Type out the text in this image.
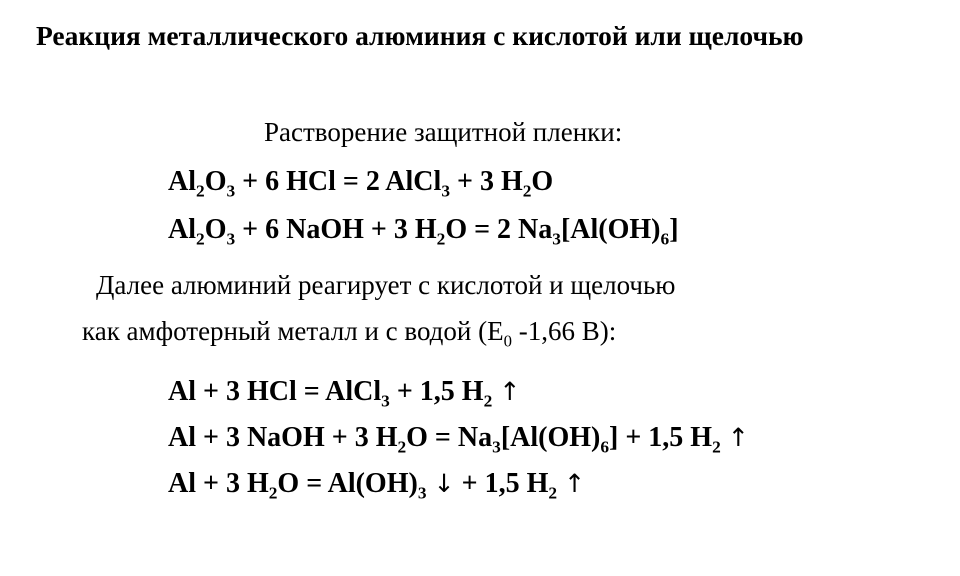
Реакция металлического алюминия с кислотой или щелочью
Растворение защитной пленки:
$Al_2O_3 + 6$ HCl = 2 AlCl$_3$ + 3 $H_2O$
$Al_2O_3 + 6$ NaOH + 3 $H_2O = 2$ $Na_3[Al(OH)_6]$
Далее алюминий реагирует с кислотой и щелочью
как амфотерный металл и с водой ($E_0$ -1,66 В):
Al + 3 HCl = AlCl$_3$ + 1,5 $H_2$ ↑
Al + 3 NaOH + 3 $H_2O = Na_3[Al(OH)_6] + 1,5$ $H_2$ ↑
Al + 3 $H_2O = Al(OH)_3$ ↓ + 1,5 $H_2$ ↑
